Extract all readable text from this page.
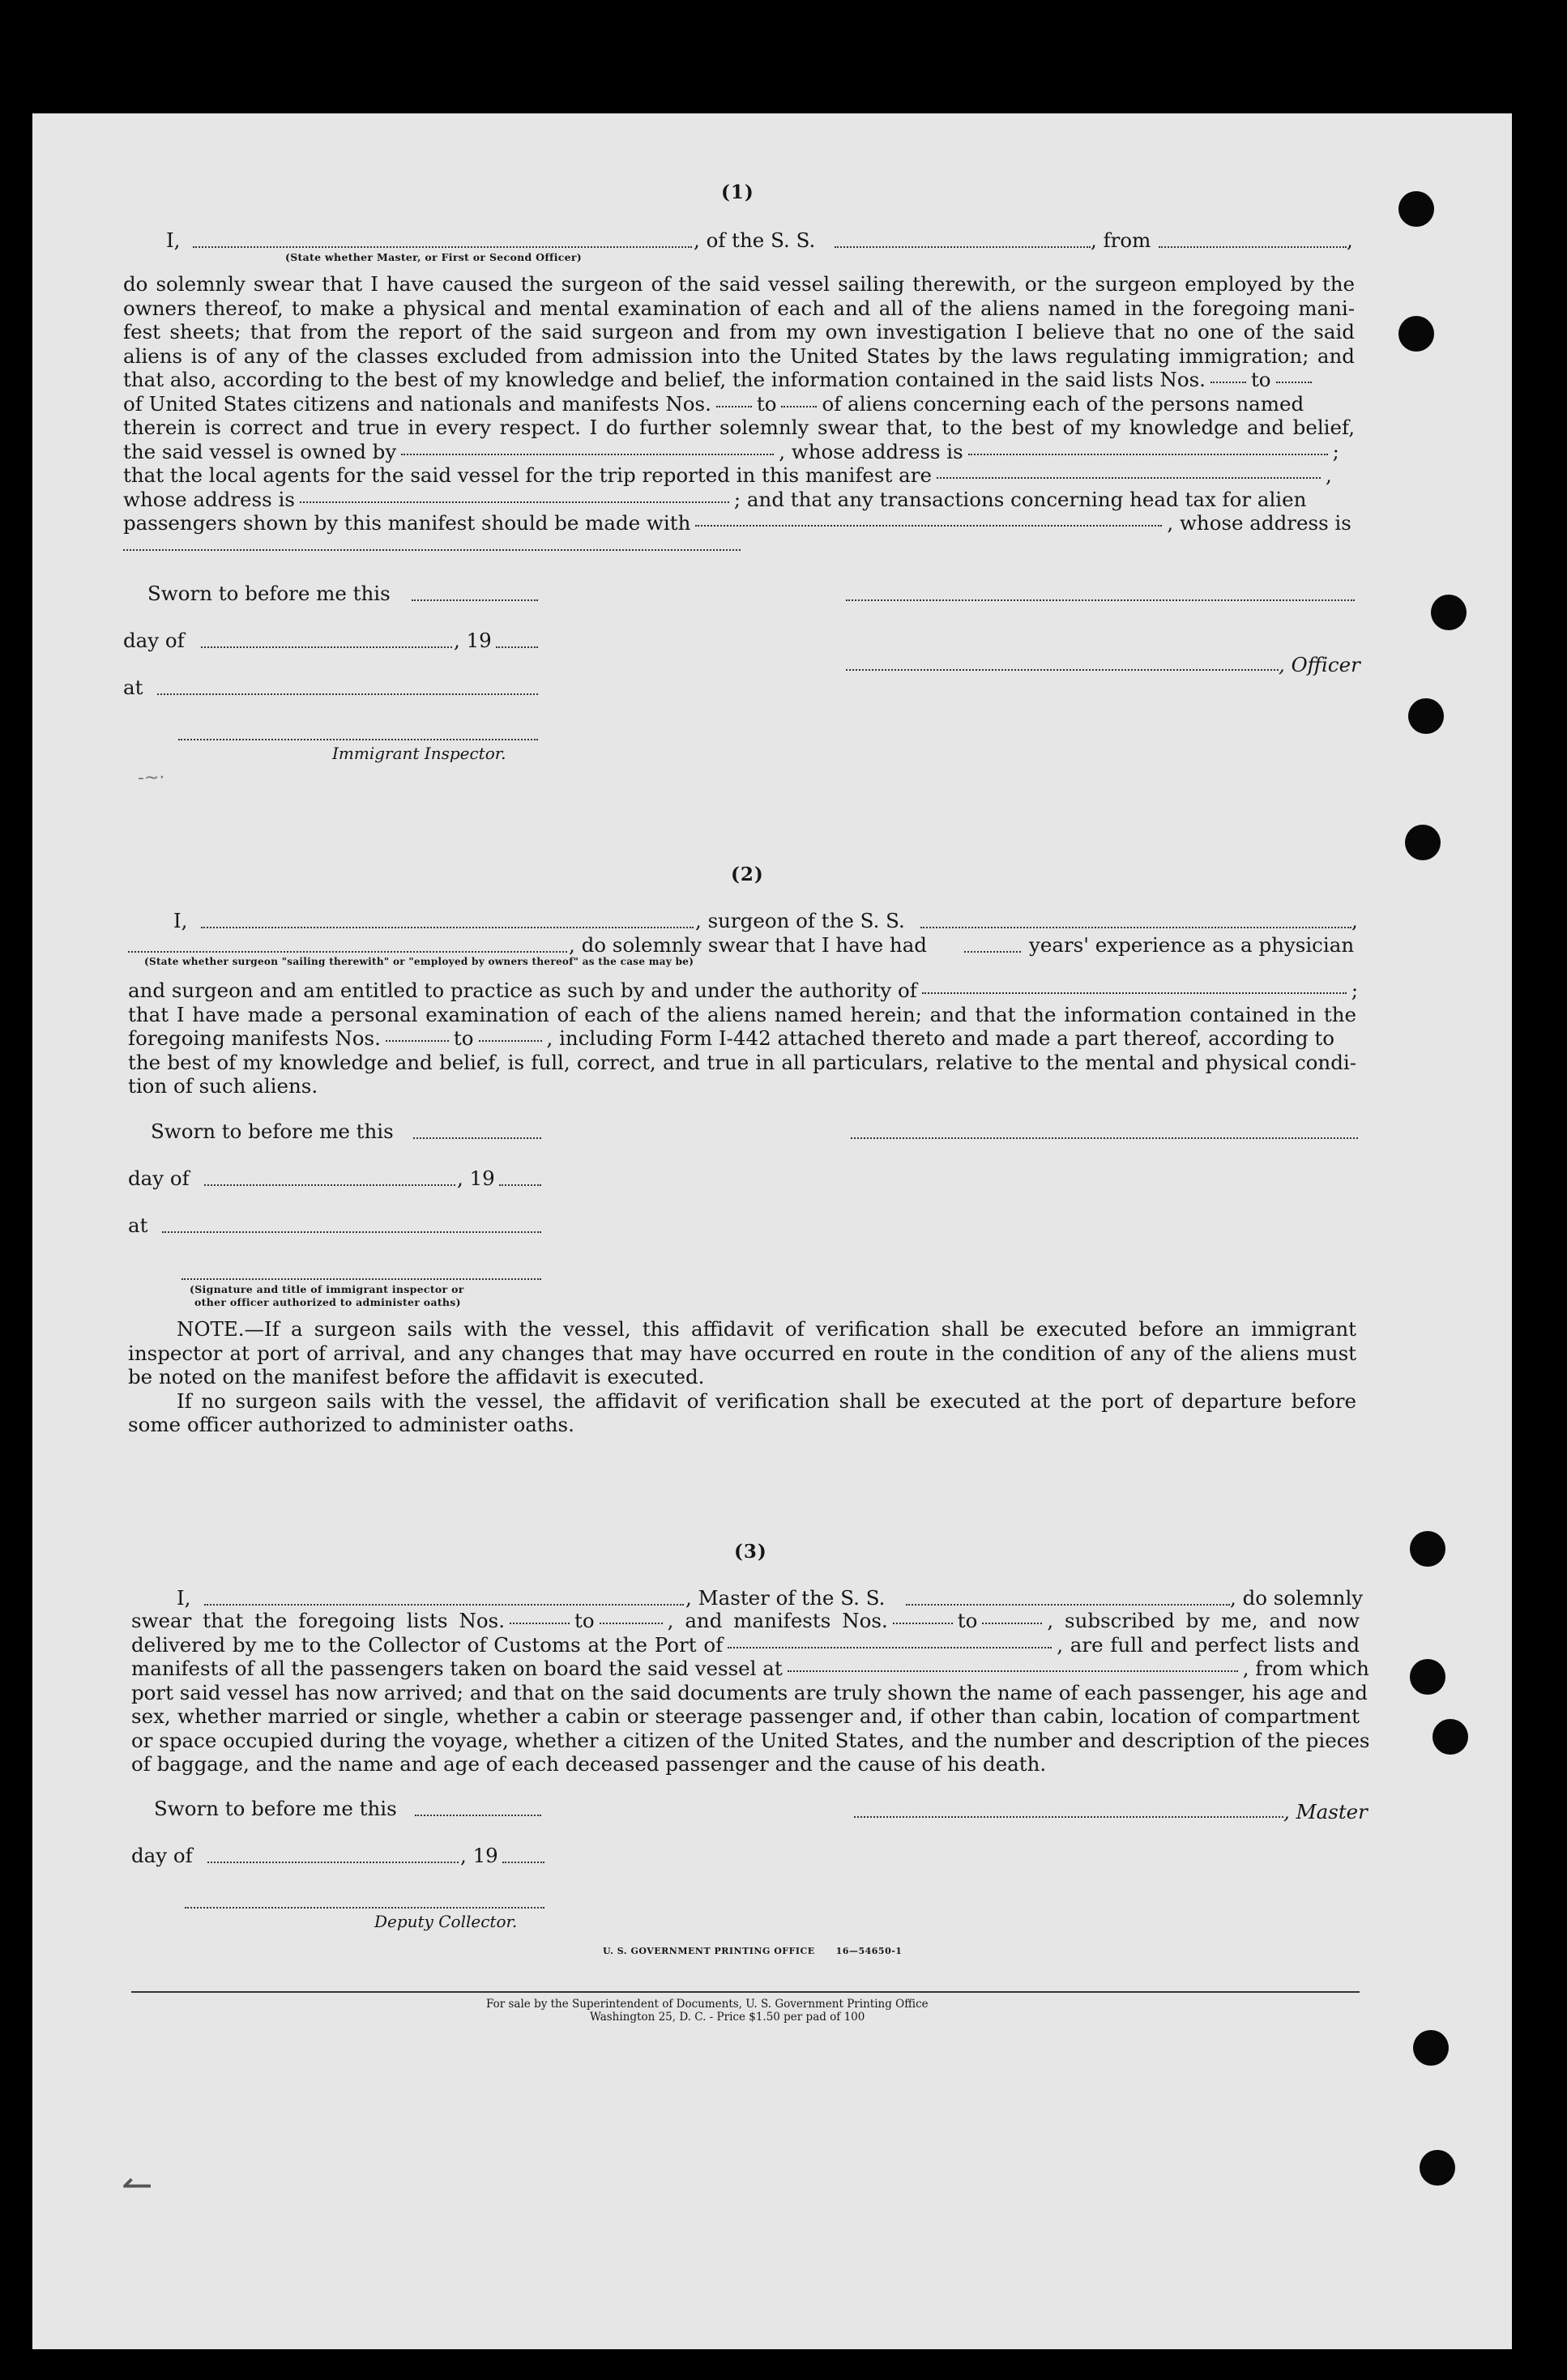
-~·
↼
(1)
I,
(State whether Master, or First or Second Officer)
, of the S. S.	, from	,
do solemnly swear that I have caused the surgeon of the said vessel sailing therewith, or the surgeon employed by the
owners thereof, to make a physical and mental examination of each and all of the aliens named in the foregoing mani-
fest sheets; that from the report of the said surgeon and from my own investigation I believe that no one of the said
aliens is of any of the classes excluded from admission into the United States by the laws regulating immigration; and
that also, according to the best of my knowledge and belief, the information contained in the said lists Nos. to
of United States citizens and nationals and manifests Nos. to of aliens concerning each of the persons named
therein is correct and true in every respect. I do further solemnly swear that, to the best of my knowledge and belief,
the said vessel is owned by	, whose address is	;
that the local agents for the said vessel for the trip reported in this manifest are	,
whose address is	; and that any transactions concerning head tax for alien
passengers shown by this manifest should be made with	, whose address is
Sworn to before me this
day of	, 19
, Officer
at
Immigrant Inspector.
(2)
I,	, surgeon of the S. S.	,
, do solemnly swear that I have had	years' experience as a physician
(State whether surgeon "sailing therewith" or "employed by owners thereof" as the case may be)
and surgeon and am entitled to practice as such by and under the authority of	;
that I have made a personal examination of each of the aliens named herein; and that the information contained in the
foregoing manifests Nos.	to	, including Form I-442 attached thereto and made a part thereof, according to
the best of my knowledge and belief, is full, correct, and true in all particulars, relative to the mental and physical condi-
tion of such aliens.
Sworn to before me this
day of	, 19
at
(Signature and title of immigrant inspector or
other officer authorized to administer oaths)
NOTE.—If a surgeon sails with the vessel, this affidavit of verification shall be executed before an immigrant
inspector at port of arrival, and any changes that may have occurred en route in the condition of any of the aliens must
be noted on the manifest before the affidavit is executed.
If no surgeon sails with the vessel, the affidavit of verification shall be executed at the port of departure before
some officer authorized to administer oaths.
(3)
I,	, Master of the S. S.	, do solemnly
swear that the foregoing lists Nos.	to	, and manifests Nos.	to	, subscribed by me, and now
delivered by me to the Collector of Customs at the Port of	, are full and perfect lists and
manifests of all the passengers taken on board the said vessel at	, from which
port said vessel has now arrived; and that on the said documents are truly shown the name of each passenger, his age and
sex, whether married or single, whether a cabin or steerage passenger and, if other than cabin, location of compartment
or space occupied during the voyage, whether a citizen of the United States, and the number and description of the pieces
of baggage, and the name and age of each deceased passenger and the cause of his death.
Sworn to before me this	, Master
day of	, 19
Deputy Collector.
U. S. GOVERNMENT PRINTING OFFICE      16—54650-1
For sale by the Superintendent of Documents, U. S. Government Printing Office
Washington 25, D. C. - Price $1.50 per pad of 100
